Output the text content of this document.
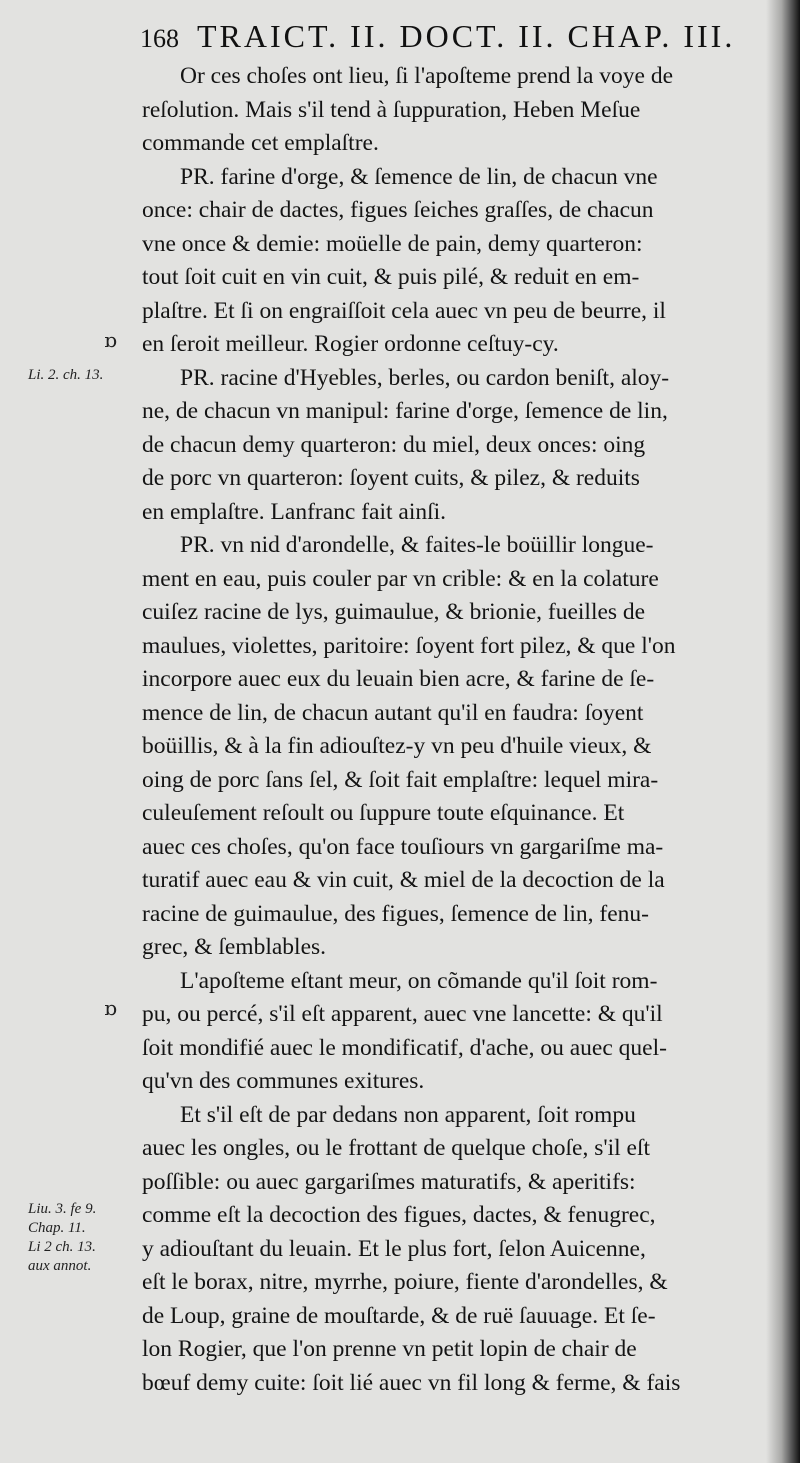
168 TRAICT. II. DOCT. II. CHAP. III.
ɒ
Li. 2. ch. 13.
ɒ
Liu. 3. fe 9.
Chap. 11.
Li 2 ch. 13.
aux annot.
Or ces choſes ont lieu, ſi l'apoſteme prend la voye de
reſolution. Mais s'il tend à ſuppuration, Heben Meſue
commande cet emplaſtre.
PR. farine d'orge, & ſemence de lin, de chacun vne
once: chair de dactes, figues ſeiches graſſes, de chacun
vne once & demie: moüelle de pain, demy quarteron:
tout ſoit cuit en vin cuit, & puis pilé, & reduit en em-
plaſtre. Et ſi on engraiſſoit cela auec vn peu de beurre, il
en ſeroit meilleur. Rogier ordonne ceſtuy-cy.
PR. racine d'Hyebles, berles, ou cardon beniſt, aloy-
ne, de chacun vn manipul: farine d'orge, ſemence de lin,
de chacun demy quarteron: du miel, deux onces: oing
de porc vn quarteron: ſoyent cuits, & pilez, & reduits
en emplaſtre. Lanfranc fait ainſi.
PR. vn nid d'arondelle, & faites-le boüillir longue-
ment en eau, puis couler par vn crible: & en la colature
cuiſez racine de lys, guimaulue, & brionie, fueilles de
maulues, violettes, paritoire: ſoyent fort pilez, & que l'on
incorpore auec eux du leuain bien acre, & farine de ſe-
mence de lin, de chacun autant qu'il en faudra: ſoyent
boüillis, & à la fin adiouſtez-y vn peu d'huile vieux, &
oing de porc ſans ſel, & ſoit fait emplaſtre: lequel mira-
culeuſement reſoult ou ſuppure toute eſquinance. Et
auec ces choſes, qu'on face touſiours vn gargariſme ma-
turatif auec eau & vin cuit, & miel de la decoction de la
racine de guimaulue, des figues, ſemence de lin, fenu-
grec, & ſemblables.
L'apoſteme eſtant meur, on cõmande qu'il ſoit rom-
pu, ou percé, s'il eſt apparent, auec vne lancette: & qu'il
ſoit mondifié auec le mondificatif, d'ache, ou auec quel-
qu'vn des communes exitures.
Et s'il eſt de par dedans non apparent, ſoit rompu
auec les ongles, ou le frottant de quelque choſe, s'il eſt
poſſible: ou auec gargariſmes maturatifs, & aperitifs:
comme eſt la decoction des figues, dactes, & fenugrec,
y adiouſtant du leuain. Et le plus fort, ſelon Auicenne,
eſt le borax, nitre, myrrhe, poiure, fiente d'arondelles, &
de Loup, graine de mouſtarde, & de ruë ſauuage. Et ſe-
lon Rogier, que l'on prenne vn petit lopin de chair de
bœuf demy cuite: ſoit lié auec vn fil long & ferme, & fais
